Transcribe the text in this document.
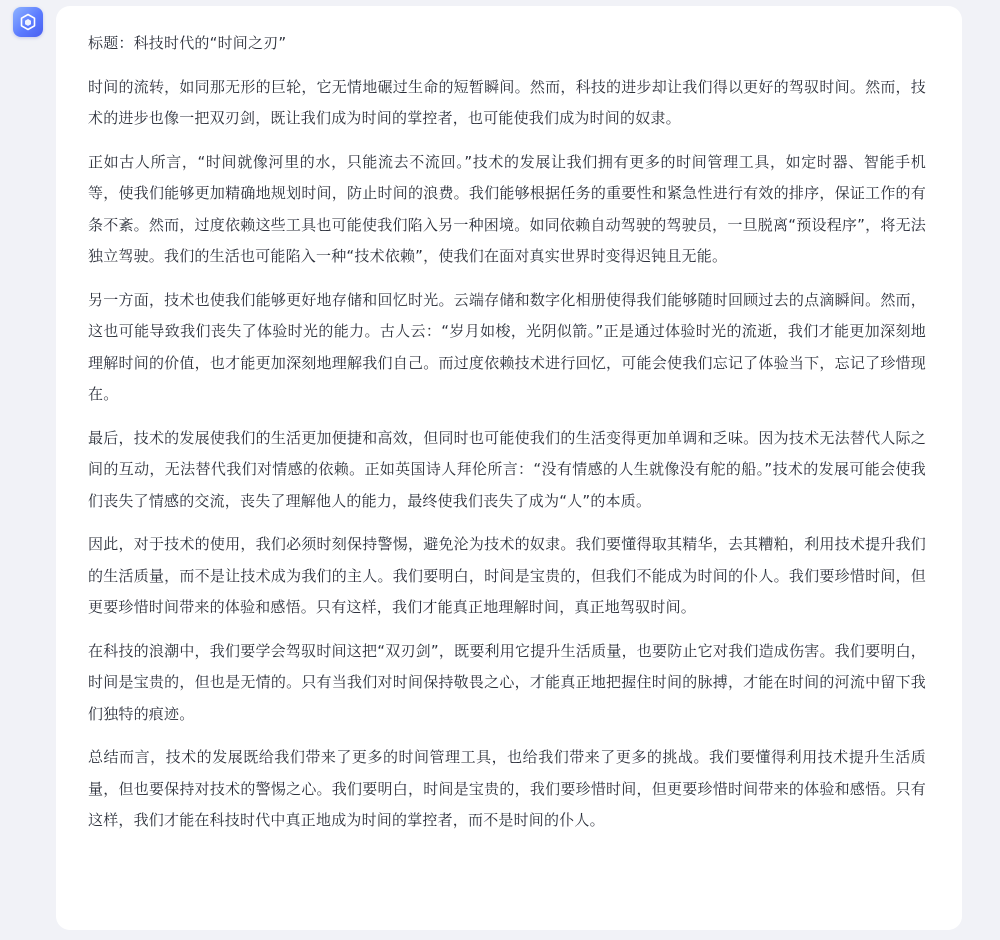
标题：科技时代的“时间之刃”

时间的流转，如同那无形的巨轮，它无情地碾过生命的短暂瞬间。然而，科技的进步却让我们得以更好的驾驭时间。然而，技术的进步也像一把双刃剑，既让我们成为时间的掌控者，也可能使我们成为时间的奴隶。

正如古人所言，“时间就像河里的水，只能流去不流回。”技术的发展让我们拥有更多的时间管理工具，如定时器、智能手机等，使我们能够更加精确地规划时间，防止时间的浪费。我们能够根据任务的重要性和紧急性进行有效的排序，保证工作的有条不紊。然而，过度依赖这些工具也可能使我们陷入另一种困境。如同依赖自动驾驶的驾驶员，一旦脱离“预设程序”，将无法独立驾驶。我们的生活也可能陷入一种“技术依赖”，使我们在面对真实世界时变得迟钝且无能。

另一方面，技术也使我们能够更好地存储和回忆时光。云端存储和数字化相册使得我们能够随时回顾过去的点滴瞬间。然而，这也可能导致我们丧失了体验时光的能力。古人云：“岁月如梭，光阴似箭。”正是通过体验时光的流逝，我们才能更加深刻地理解时间的价值，也才能更加深刻地理解我们自己。而过度依赖技术进行回忆，可能会使我们忘记了体验当下，忘记了珍惜现在。

最后，技术的发展使我们的生活更加便捷和高效，但同时也可能使我们的生活变得更加单调和乏味。因为技术无法替代人际之间的互动，无法替代我们对情感的依赖。正如英国诗人拜伦所言：“没有情感的人生就像没有舵的船。”技术的发展可能会使我们丧失了情感的交流，丧失了理解他人的能力，最终使我们丧失了成为“人”的本质。

因此，对于技术的使用，我们必须时刻保持警惕，避免沦为技术的奴隶。我们要懂得取其精华，去其糟粕，利用技术提升我们的生活质量，而不是让技术成为我们的主人。我们要明白，时间是宝贵的，但我们不能成为时间的仆人。我们要珍惜时间，但更要珍惜时间带来的体验和感悟。只有这样，我们才能真正地理解时间，真正地驾驭时间。

在科技的浪潮中，我们要学会驾驭时间这把“双刃剑”，既要利用它提升生活质量，也要防止它对我们造成伤害。我们要明白，时间是宝贵的，但也是无情的。只有当我们对时间保持敬畏之心，才能真正地把握住时间的脉搏，才能在时间的河流中留下我们独特的痕迹。

总结而言，技术的发展既给我们带来了更多的时间管理工具，也给我们带来了更多的挑战。我们要懂得利用技术提升生活质量，但也要保持对技术的警惕之心。我们要明白，时间是宝贵的，我们要珍惜时间，但更要珍惜时间带来的体验和感悟。只有这样，我们才能在科技时代中真正地成为时间的掌控者，而不是时间的仆人。
